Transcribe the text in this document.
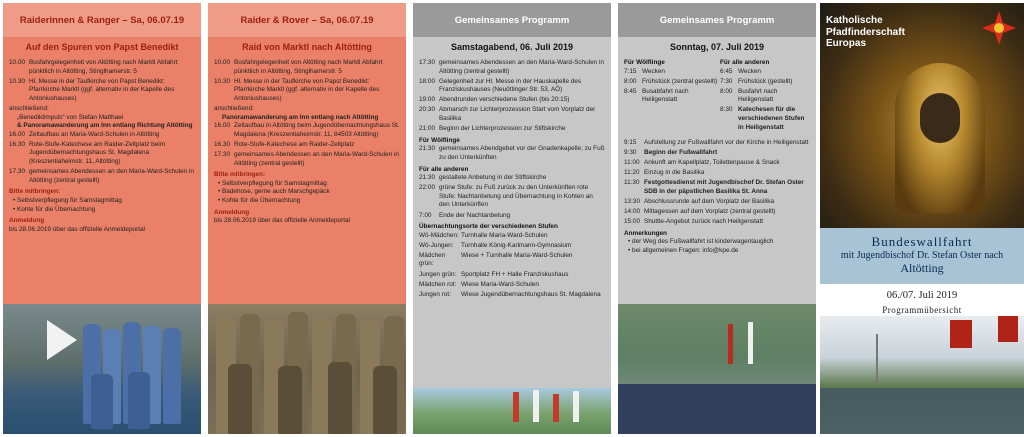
Raiderinnen & Ranger – Sa, 06.07.19
Auf den Spuren von Papst Benedikt
10.00 Busfahrgelegenheit von Altötting nach Marktl Abfahrt pünktlich in Altötting, Stinglhamerstr. 5
10.30 Hl. Messe in der Taufkirche von Papst Benedikt: Pfarrkirche Marktl (ggf. alternativ in der Kapelle des Antoniushauses)
anschließend:
„Benediktimpuls“ von Stefan Matthaei
& Panoramawanderung am Inn entlang Richtung Altötting
16.00 Zeltaufbau an Maria-Ward-Schulen in Altötting
16.30 Rote-Stufe-Katechese am Raider-Zeltplatz beim Jugendübernachtungshaus St. Magdalena (Kreszentiaheimstr. 11, Altötting)
17.30 gemeinsames Abendessen an den Maria-Ward-Schulen in Altötting (zentral gestellt)
Bitte mitbringen:
• Selbstverpflegung für Samstagmittag
• Kohte für die Übernachtung
Anmeldung
bis 28.06.2019 über das offizielle Anmeldeportal
Raider & Rover – Sa, 06.07.19
Raid von Marktl nach Altötting
10.00 Busfahrgelegenheit von Altötting nach Marktl Abfahrt pünktlich in Altötting, Stinglhamerstr. 5
10.30 Hl. Messe in der Taufkirche von Papst Benedikt: Pfarrkirche Marktl (ggf. alternativ in der Kapelle des Antoniushauses)
anschließend:
Panoramawanderung am Inn entlang nach Altötting
16.00 Zeltaufbau in Altötting beim Jugendübernachtungshaus St. Magdalena (Kreszentiaheimstr. 11, 84503 Altötting)
16.30 Rote-Stufe-Katechese am Raider-Zeltplatz
17.30 gemeinsames Abendessen an den Maria-Ward-Schulen in Altötting (zentral gestellt)
Bitte mitbringen:
• Selbstverpflegung für Samstagmittag
• Badehose, gerne auch Marschgepäck
• Kohte für die Übernachtung
Anmeldung
bis 28.06.2019 über das offizielle Anmeldeportal
Gemeinsames Programm
Samstagabend, 06. Juli 2019
17:30 gemeinsames Abendessen an den Maria-Ward-Schulen in Altötting (zentral gestellt)
18:00 Gelegenheit zur Hl. Messe in der Hauskapelle des Franziskushauses (Neuöttinger Str. 53, AÖ)
19:00 Abendrunden verschiedene Stufen (bis 20:15)
20:30 Abmarsch zur Lichterprozession Start vom Vorplatz der Basilika
21:00 Beginn der Lichterprozession zur Stiftskirche
Für Wölflinge
21:30 gemeinsames Abendgebet vor der Gnadenkapelle; zu Fuß zu den Unterkünften
Für alle anderen
21:30 gestaltete Anbetung in der Stiftskirche
22:00 grüne Stufe: zu Fuß zurück zu den Unterkünften rote Stufe: Nachtanbetung und Übernachtung in Kohten an den Unterkünften
7:00	Ende der Nachtanbetung
Übernachtungsorte der verschiedenen Stufen
Wö-Mädchen: Turnhalle Maria-Ward-Schulen
Wö-Jungen:	Turnhalle König-Karlmann-Gymnasium
Mädchen grün:
Wiese + Turnhalle Maria-Ward-Schulen
Jungen grün: Sportplatz FH + Halle Franziskushaus
Mädchen rot: Wiese Maria-Ward-Schulen
Jungen rot:	Wiese Jugendübernachtungshaus St. Magdalena
Gemeinsames Programm
Sonntag, 07. Juli 2019
Für Wölflinge
7:15 Wecken
8:00 Frühstück (zentral gestellt)
8:45 Busabfahrt nach Heiligenstatt
Für alle anderen
6:45 Wecken
7:30 Frühstück (gestellt)
8:00 Busfahrt nach Heiligenstatt
8:30 Katechesen für die verschiedenen Stufen in Heiligenstatt
9:15	Aufstellung zur Fußwallfahrt vor der Kirche in Heiligenstatt
9:30	Beginn der Fußwallfahrt
11:00 Ankunft am Kapellplatz, Toilettenpause & Snack
11:20 Einzug in die Basilika
11:30 Festgottesdienst mit Jugendbischof Dr. Stefan Oster SDB in der päpstlichen Basilika St. Anna
13:30 Abschlussrunde auf dem Vorplatz der Basilika
14:00 Mittagessen auf dem Vorplatz (zentral gestellt)
15:00 Shuttle-Angebot zurück nach Heiligenstatt
Anmerkungen
• der Weg des Fußwallfahrt ist kinderwagentauglich
• bei allgemeinen Fragen: info@kpe.de
Katholische
Pfadfinderschaft
Europas
Bundeswallfahrt
mit Jugendbischof Dr. Stefan Oster nach
Altötting
06./07. Juli 2019
Programmübersicht
